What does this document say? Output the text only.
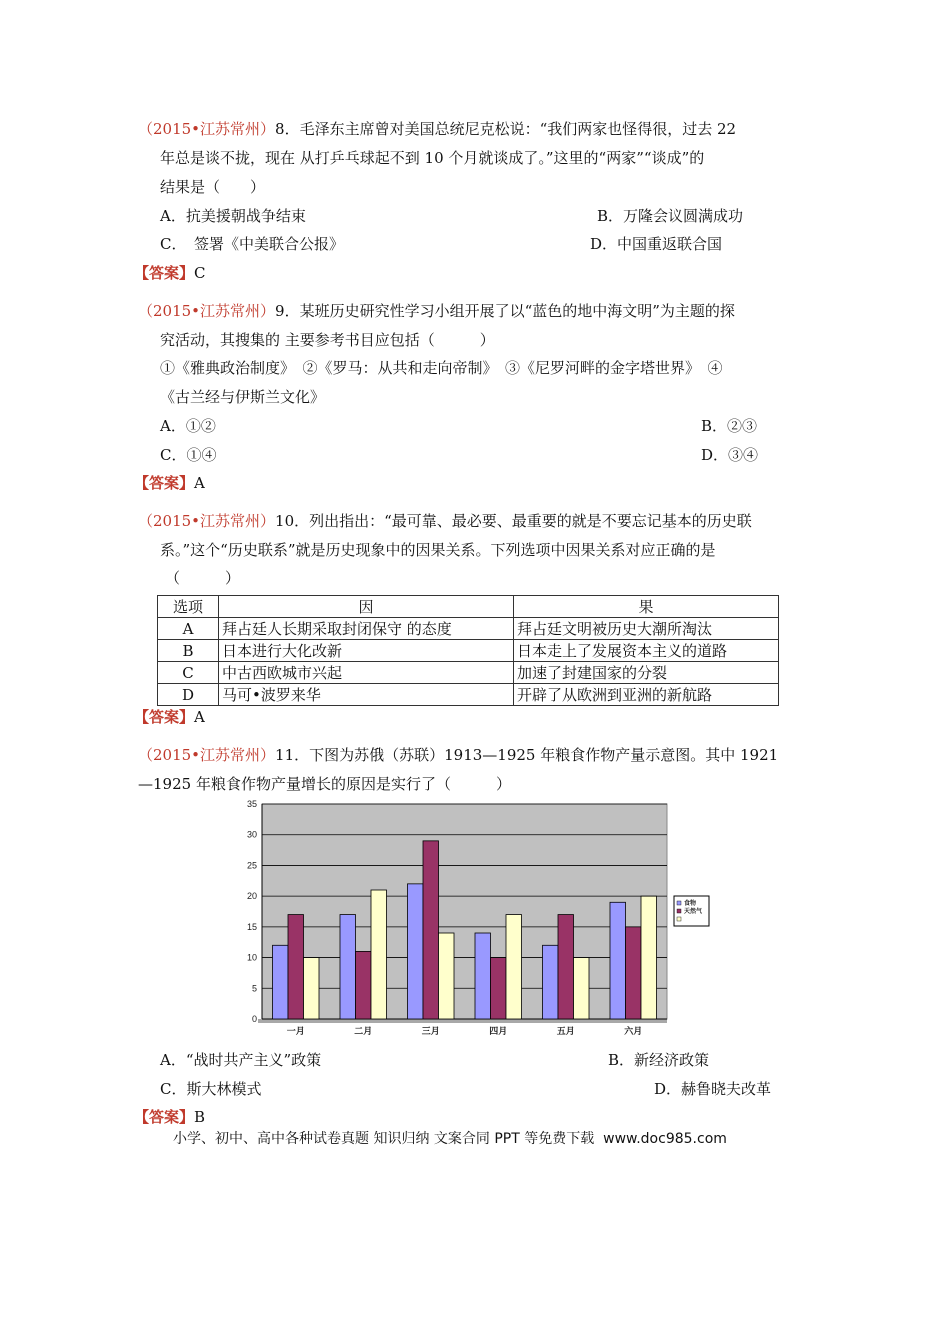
（2015•江苏常州）8．毛泽东主席曾对美国总统尼克松说：“我们两家也怪得很，过去 22
年总是谈不拢，现在 从打乒乓球起不到 10 个月就谈成了。”这里的“两家”“谈成”的
结果是（　　）
A．抗美援朝战争结束	B．万隆会议圆满成功
C．　签署《中美联合公报》	D．中国重返联合国
【答案】C
（2015•江苏常州）9．某班历史研究性学习小组开展了以“蓝色的地中海文明”为主题的探
究活动，其搜集的 主要参考书目应包括（　　　）
①《雅典政治制度》　②《罗马：从共和走向帝制》　③《尼罗河畔的金字塔世界》　④
《古兰经与伊斯兰文化》
A．①②	B．②③
C．①④	D．③④
【答案】A
（2015•江苏常州）10．列出指出：“最可靠、最必要、最重要的就是不要忘记基本的历史联
系。”这个“历史联系”就是历史现象中的因果关系。下列选项中因果关系对应正确的是
（　　　）
选项	因	果
A	拜占廷人长期采取封闭保守 的态度	拜占廷文明被历史大潮所淘汰
B	日本进行大化改新	日本走上了发展资本主义的道路
C	中古西欧城市兴起	加速了封建国家的分裂
D	马可•波罗来华	开辟了从欧洲到亚洲的新航路
【答案】A
（2015•江苏常州）11．下图为苏俄（苏联）1913—1925 年粮食作物产量示意图。其中 1921
—1925 年粮食作物产量增长的原因是实行了（　　　）
0
5
10
15
20
25
30
35
一月	二月	三月	四月	五月	六月
食物
天然气
A．“战时共产主义”政策	B．新经济政策
C．斯大林模式	D．赫鲁晓夫改革
【答案】B
小学、初中、高中各种试卷真题 知识归纳 文案合同 PPT 等免费下载 www.doc985.com
